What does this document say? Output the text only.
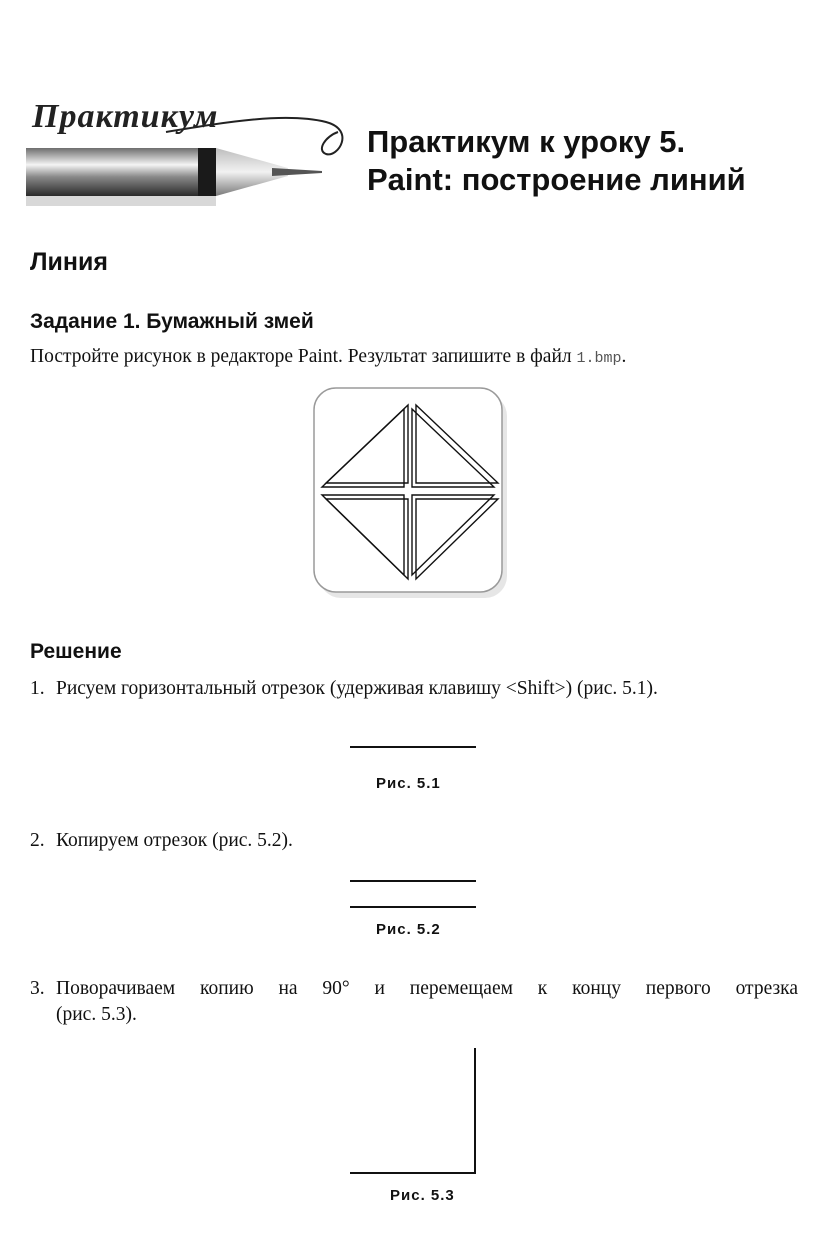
Практикум
Практикум к уроку 5.
Paint: построение линий
Линия
Задание 1. Бумажный змей
Постройте рисунок в редакторе Paint. Результат запишите в файл 1.bmp.
Решение
1. Рисуем горизонтальный отрезок (удерживая клавишу <Shift>) (рис. 5.1).
Рис. 5.1
2. Копируем отрезок (рис. 5.2).
Рис. 5.2
3. Поворачиваем копию на 90° и перемещаем к концу первого отрезка
(рис. 5.3).
Рис. 5.3
